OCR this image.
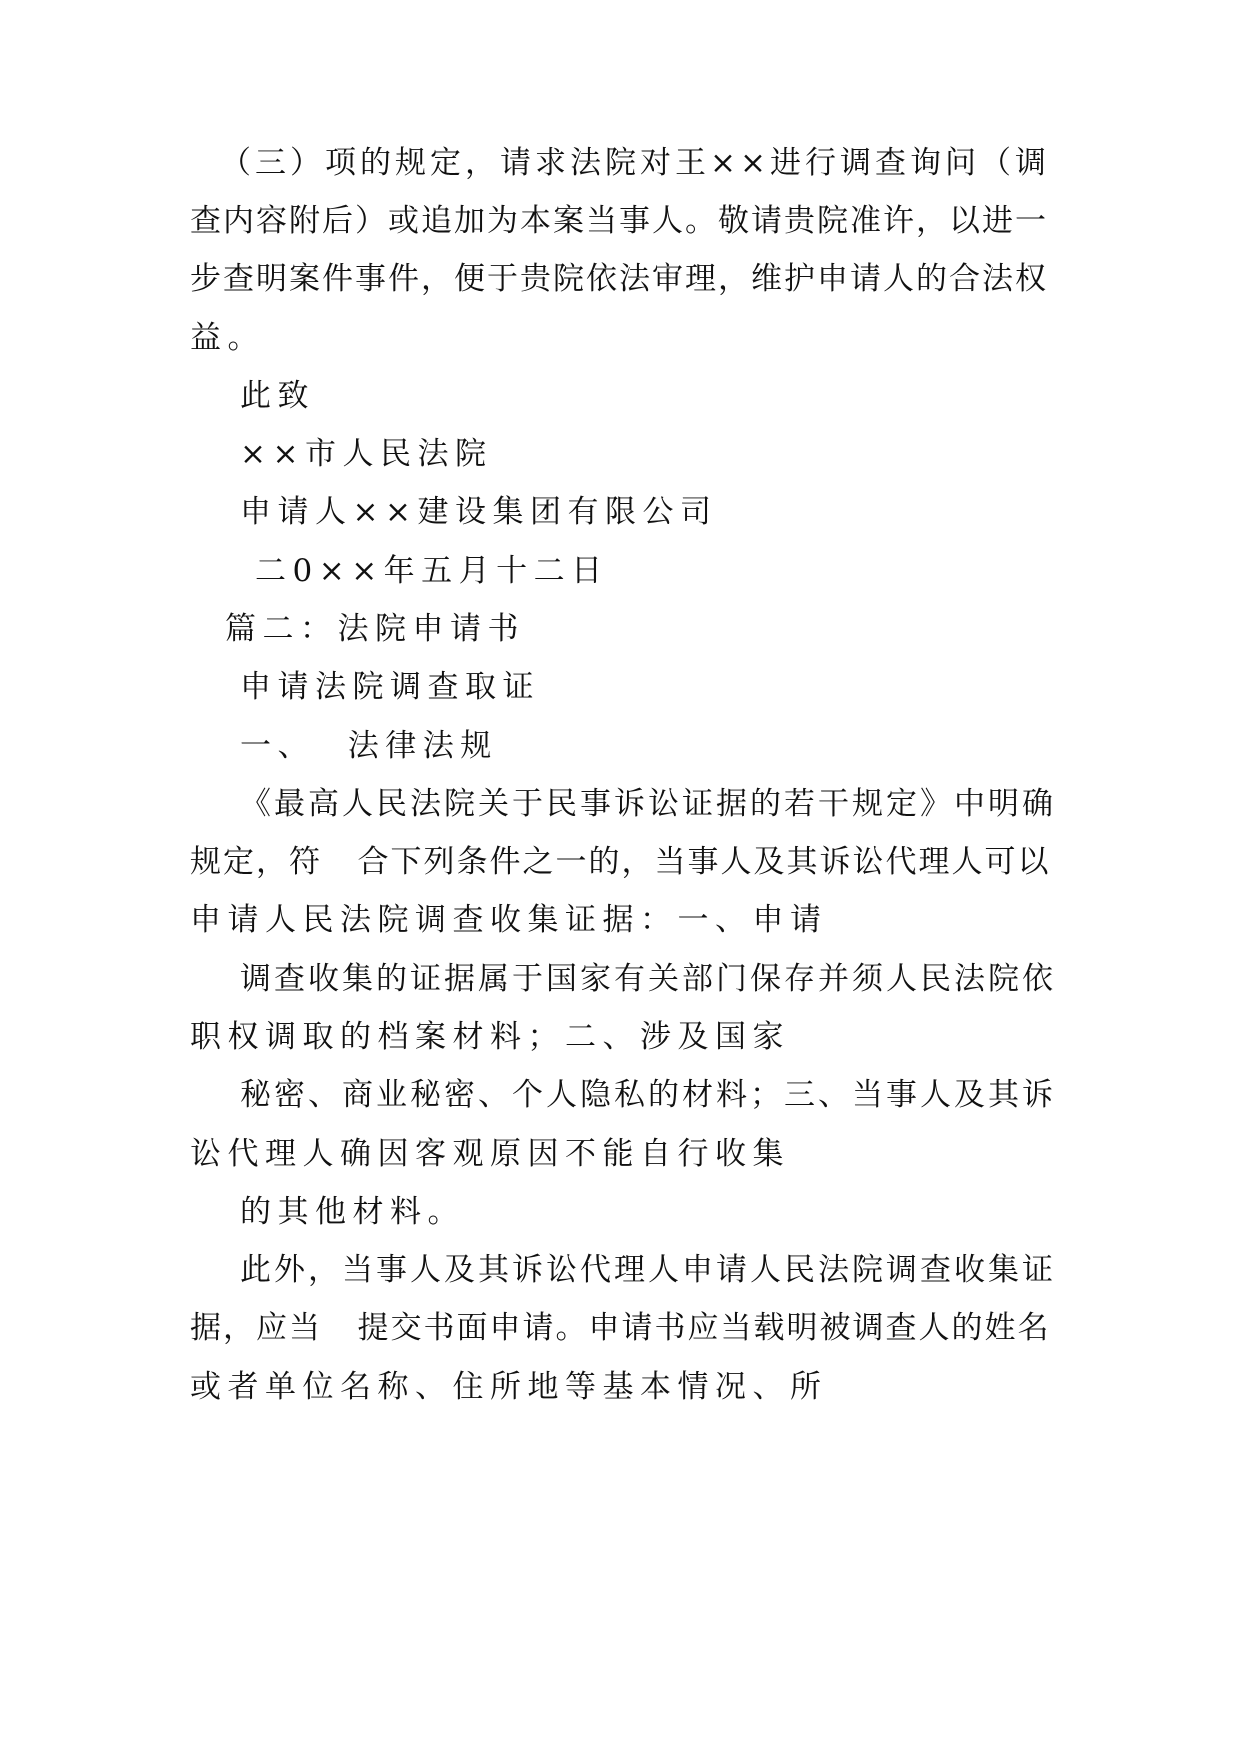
（三）项的规定，请求法院对王××进行调查询问（调
查内容附后）或追加为本案当事人。敬请贵院准许，以进一
步查明案件事件，便于贵院依法审理，维护申请人的合法权
益。
此致
××市人民法院
申请人××建设集团有限公司
二0××年五月十二日
篇二：法院申请书
申请法院调查取证
一、  法律法规
《最高人民法院关于民事诉讼证据的若干规定》中明确
规定，符   合下列条件之一的，当事人及其诉讼代理人可以
申请人民法院调查收集证据：一、申请
调查收集的证据属于国家有关部门保存并须人民法院依
职权调取的档案材料；二、涉及国家
秘密、商业秘密、个人隐私的材料；三、当事人及其诉
讼代理人确因客观原因不能自行收集
的其他材料。
此外，当事人及其诉讼代理人申请人民法院调查收集证
据，应当   提交书面申请。申请书应当载明被调查人的姓名
或者单位名称、住所地等基本情况、所
